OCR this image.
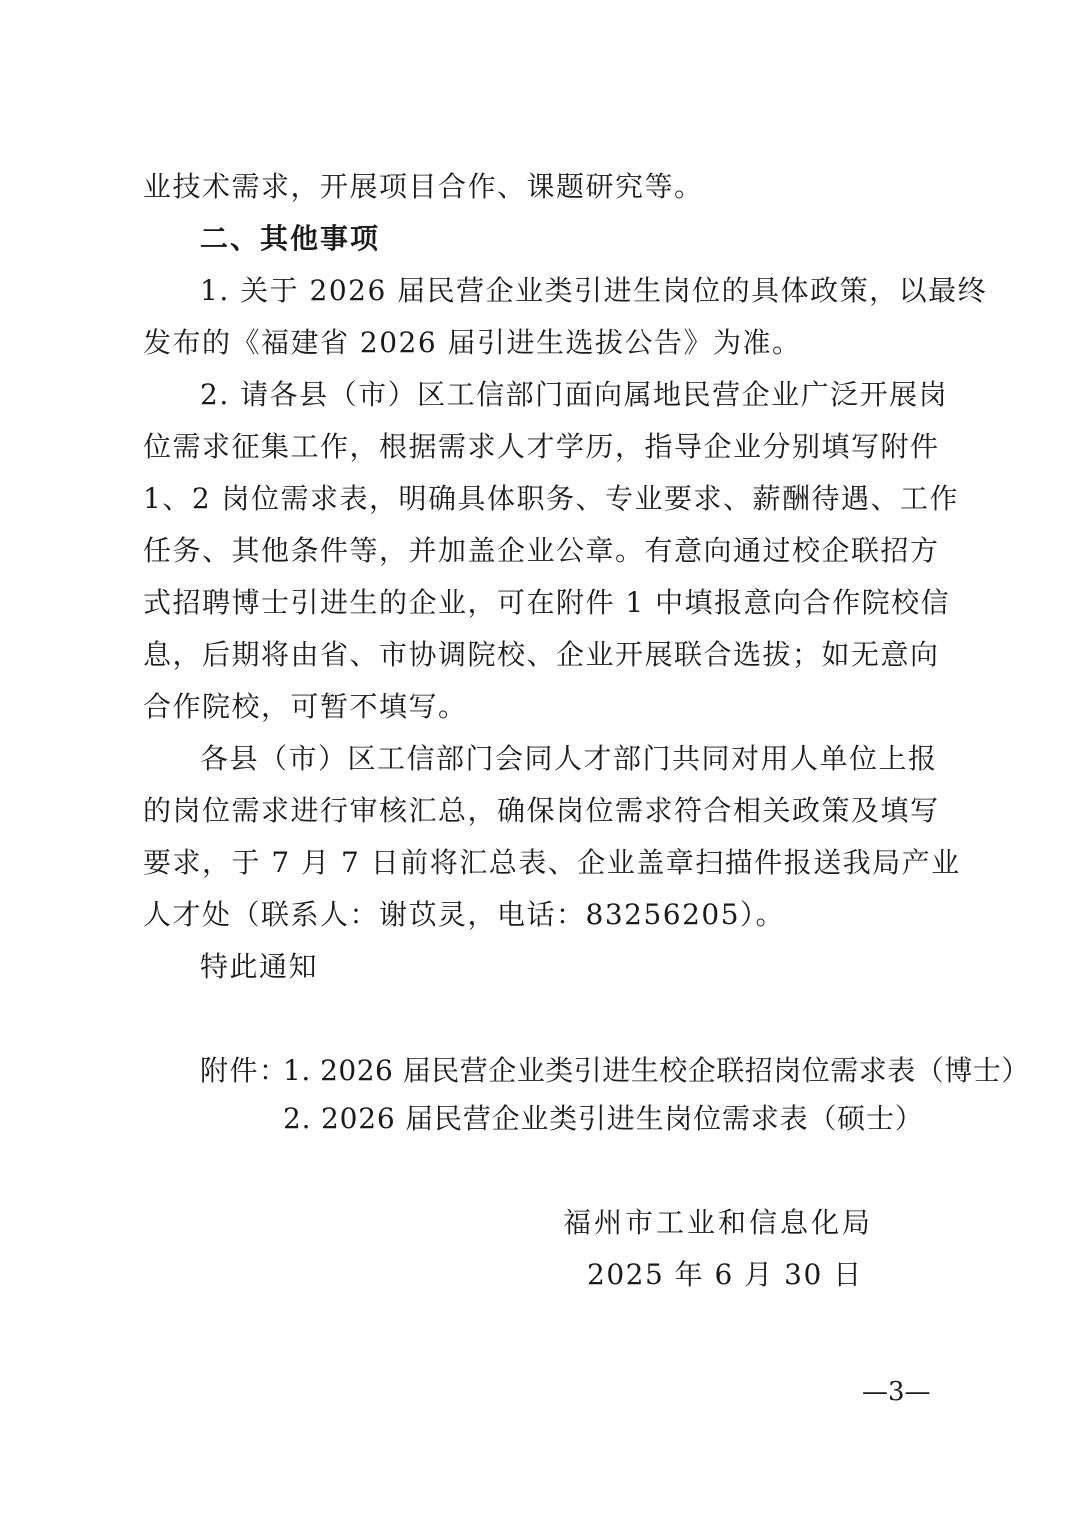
业技术需求，开展项目合作、课题研究等。
二、其他事项
1. 关于 2026 届民营企业类引进生岗位的具体政策，以最终
发布的《福建省 2026 届引进生选拔公告》为准。
2. 请各县（市）区工信部门面向属地民营企业广泛开展岗
位需求征集工作，根据需求人才学历，指导企业分别填写附件
1、2 岗位需求表，明确具体职务、专业要求、薪酬待遇、工作
任务、其他条件等，并加盖企业公章。有意向通过校企联招方
式招聘博士引进生的企业，可在附件 1 中填报意向合作院校信
息，后期将由省、市协调院校、企业开展联合选拔；如无意向
合作院校，可暂不填写。
各县（市）区工信部门会同人才部门共同对用人单位上报
的岗位需求进行审核汇总，确保岗位需求符合相关政策及填写
要求，于 7 月 7 日前将汇总表、企业盖章扫描件报送我局产业
人才处（联系人：谢苡灵，电话：83256205）。
特此通知
附件：
1. 2026 届民营企业类引进生校企联招岗位需求表（博士）
2. 2026 届民营企业类引进生岗位需求表（硕士）
福州市工业和信息化局
2025 年 6 月 30 日
—3—
